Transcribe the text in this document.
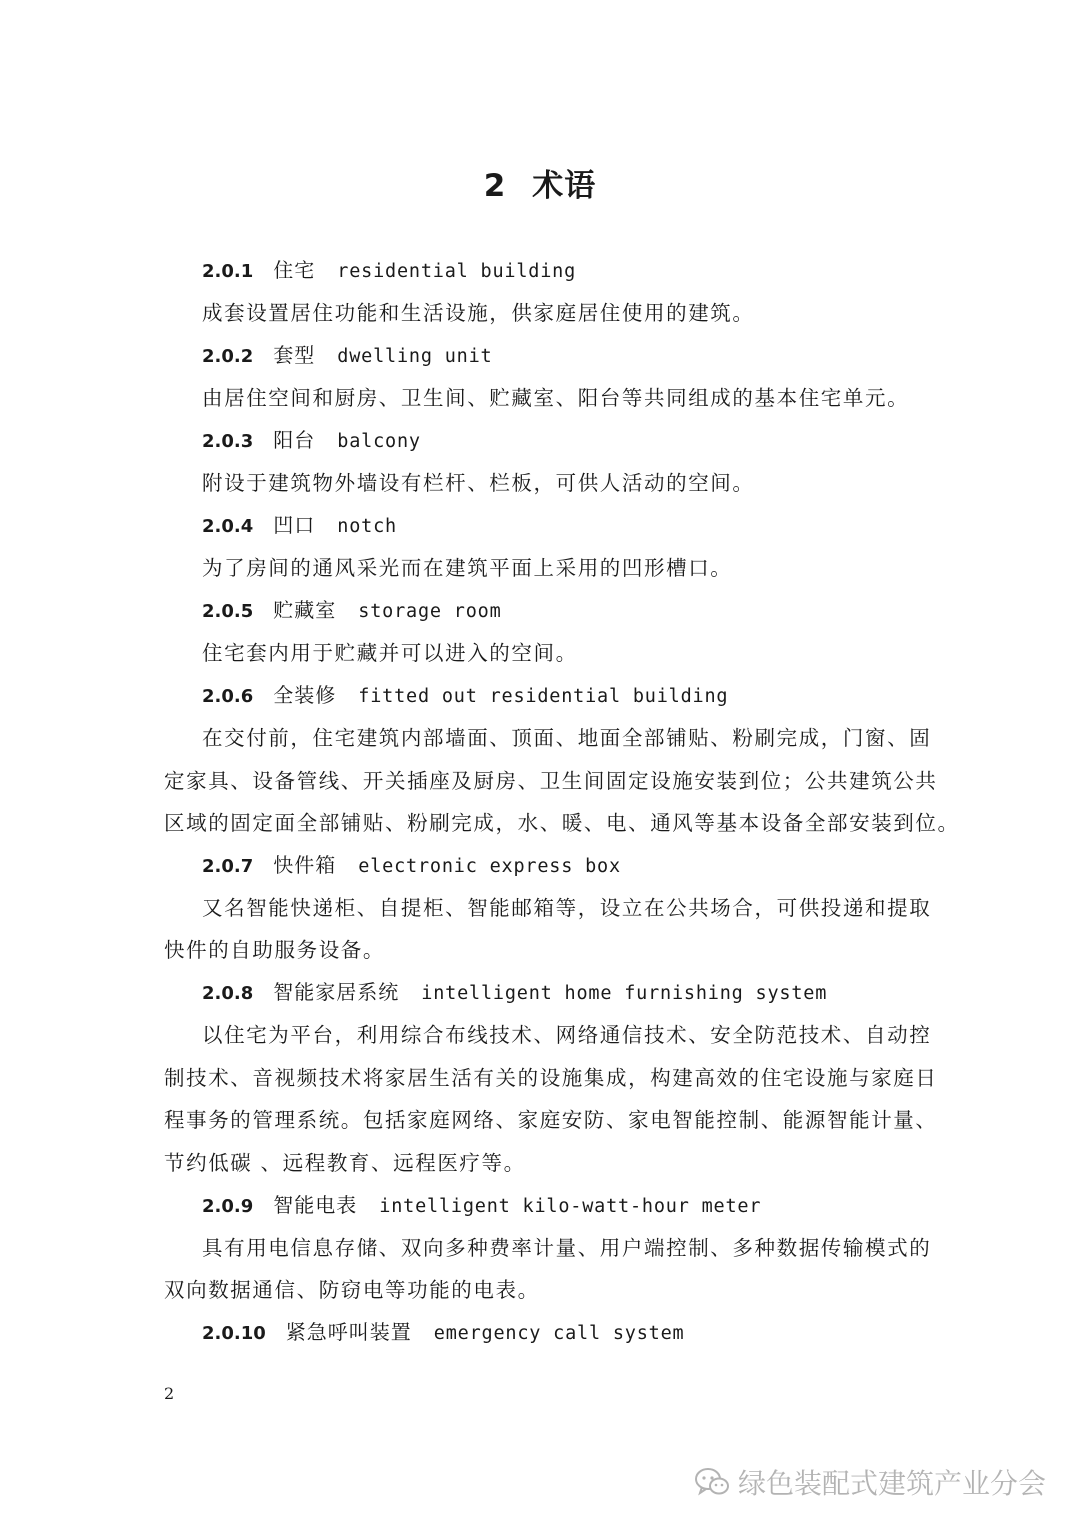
2 术语
2.0.1 住宅 residential building
成套设置居住功能和生活设施，供家庭居住使用的建筑。
2.0.2 套型 dwelling unit
由居住空间和厨房、卫生间、贮藏室、阳台等共同组成的基本住宅单元。
2.0.3 阳台 balcony
附设于建筑物外墙设有栏杆、栏板，可供人活动的空间。
2.0.4 凹口 notch
为了房间的通风采光而在建筑平面上采用的凹形槽口。
2.0.5 贮藏室 storage room
住宅套内用于贮藏并可以进入的空间。
2.0.6 全装修 fitted out residential building
在交付前，住宅建筑内部墙面、顶面、地面全部铺贴、粉刷完成，门窗、固
定家具、设备管线、开关插座及厨房、卫生间固定设施安装到位；公共建筑公共
区域的固定面全部铺贴、粉刷完成，水、暖、电、通风等基本设备全部安装到位。
2.0.7 快件箱 electronic express box
又名智能快递柜、自提柜、智能邮箱等，设立在公共场合，可供投递和提取
快件的自助服务设备。
2.0.8 智能家居系统 intelligent home furnishing system
以住宅为平台，利用综合布线技术、网络通信技术、安全防范技术、自动控
制技术、音视频技术将家居生活有关的设施集成，构建高效的住宅设施与家庭日
程事务的管理系统。包括家庭网络、家庭安防、家电智能控制、能源智能计量、
节约低碳 、远程教育、远程医疗等。
2.0.9 智能电表 intelligent kilo-watt-hour meter
具有用电信息存储、双向多种费率计量、用户端控制、多种数据传输模式的
双向数据通信、防窃电等功能的电表。
2.0.10 紧急呼叫装置 emergency call system
2
绿色装配式建筑产业分会
